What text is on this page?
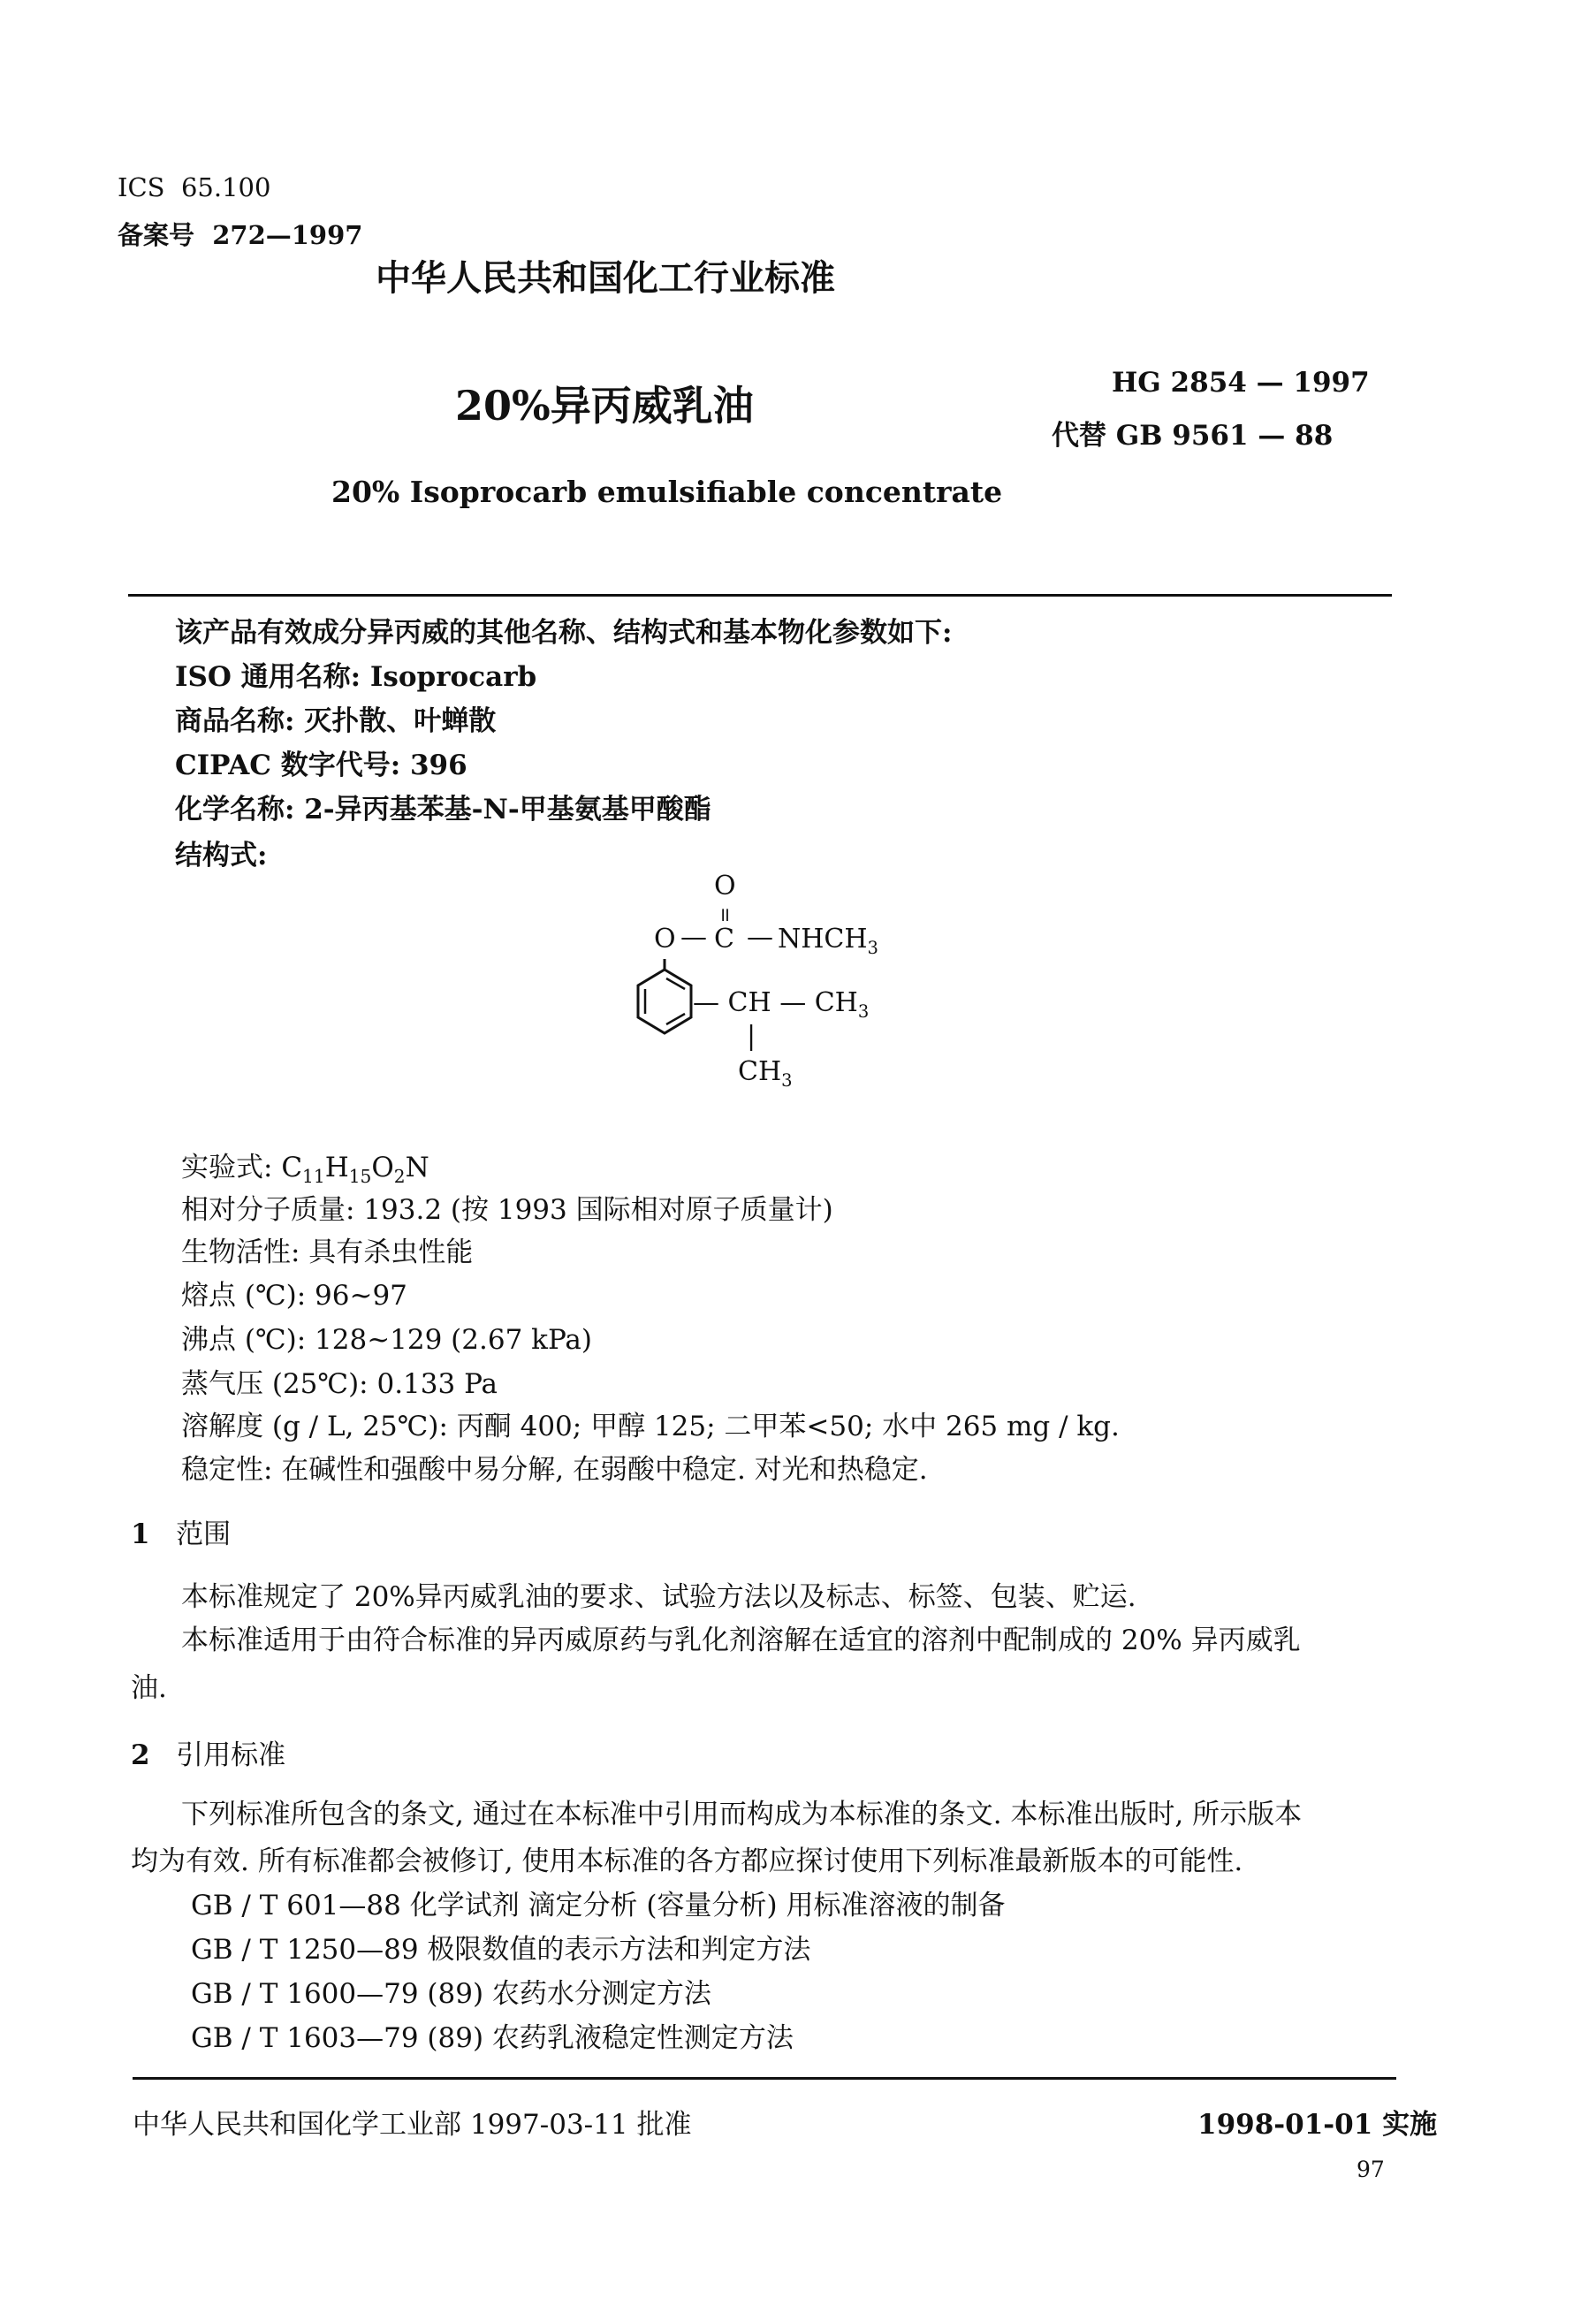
ICS 65.100
备案号 272—1997
中华人民共和国化工行业标准
20%异丙威乳油	HG 2854 — 1997
代替 GB 9561 — 88
20% Isoprocarb emulsifiable concentrate
该产品有效成分异丙威的其他名称、结构式和基本物化参数如下:
ISO 通用名称: Isoprocarb
商品名称: 灭扑散、叶蝉散
CIPAC 数字代号: 396
化学名称: 2-异丙基苯基-N-甲基氨基甲酸酯
结构式:
O
॥
O — C — $NHCH_3$
— CH — $CH_3$
|
$CH_3$
实验式: $C_{11}H_{15}O_2N$
相对分子质量: 193.2 (按 1993 国际相对原子质量计)
生物活性: 具有杀虫性能
熔点 (℃): 96~97
沸点 (℃): 128~129 (2.67 kPa)
蒸气压 (25℃): 0.133 Pa
溶解度 (g / L, 25℃): 丙酮 400; 甲醇 125; 二甲苯<50; 水中 265 mg / kg.
稳定性: 在碱性和强酸中易分解, 在弱酸中稳定. 对光和热稳定.
1 范围
本标准规定了 20%异丙威乳油的要求、试验方法以及标志、标签、包装、贮运.
本标准适用于由符合标准的异丙威原药与乳化剂溶解在适宜的溶剂中配制成的 20% 异丙威乳
油.
2 引用标准
下列标准所包含的条文, 通过在本标准中引用而构成为本标准的条文. 本标准出版时, 所示版本
均为有效. 所有标准都会被修订, 使用本标准的各方都应探讨使用下列标准最新版本的可能性.
GB / T 601—88 化学试剂 滴定分析 (容量分析) 用标准溶液的制备
GB / T 1250—89 极限数值的表示方法和判定方法
GB / T 1600—79 (89) 农药水分测定方法
GB / T 1603—79 (89) 农药乳液稳定性测定方法
中华人民共和国化学工业部 1997-03-11 批准	1998-01-01 实施
97
